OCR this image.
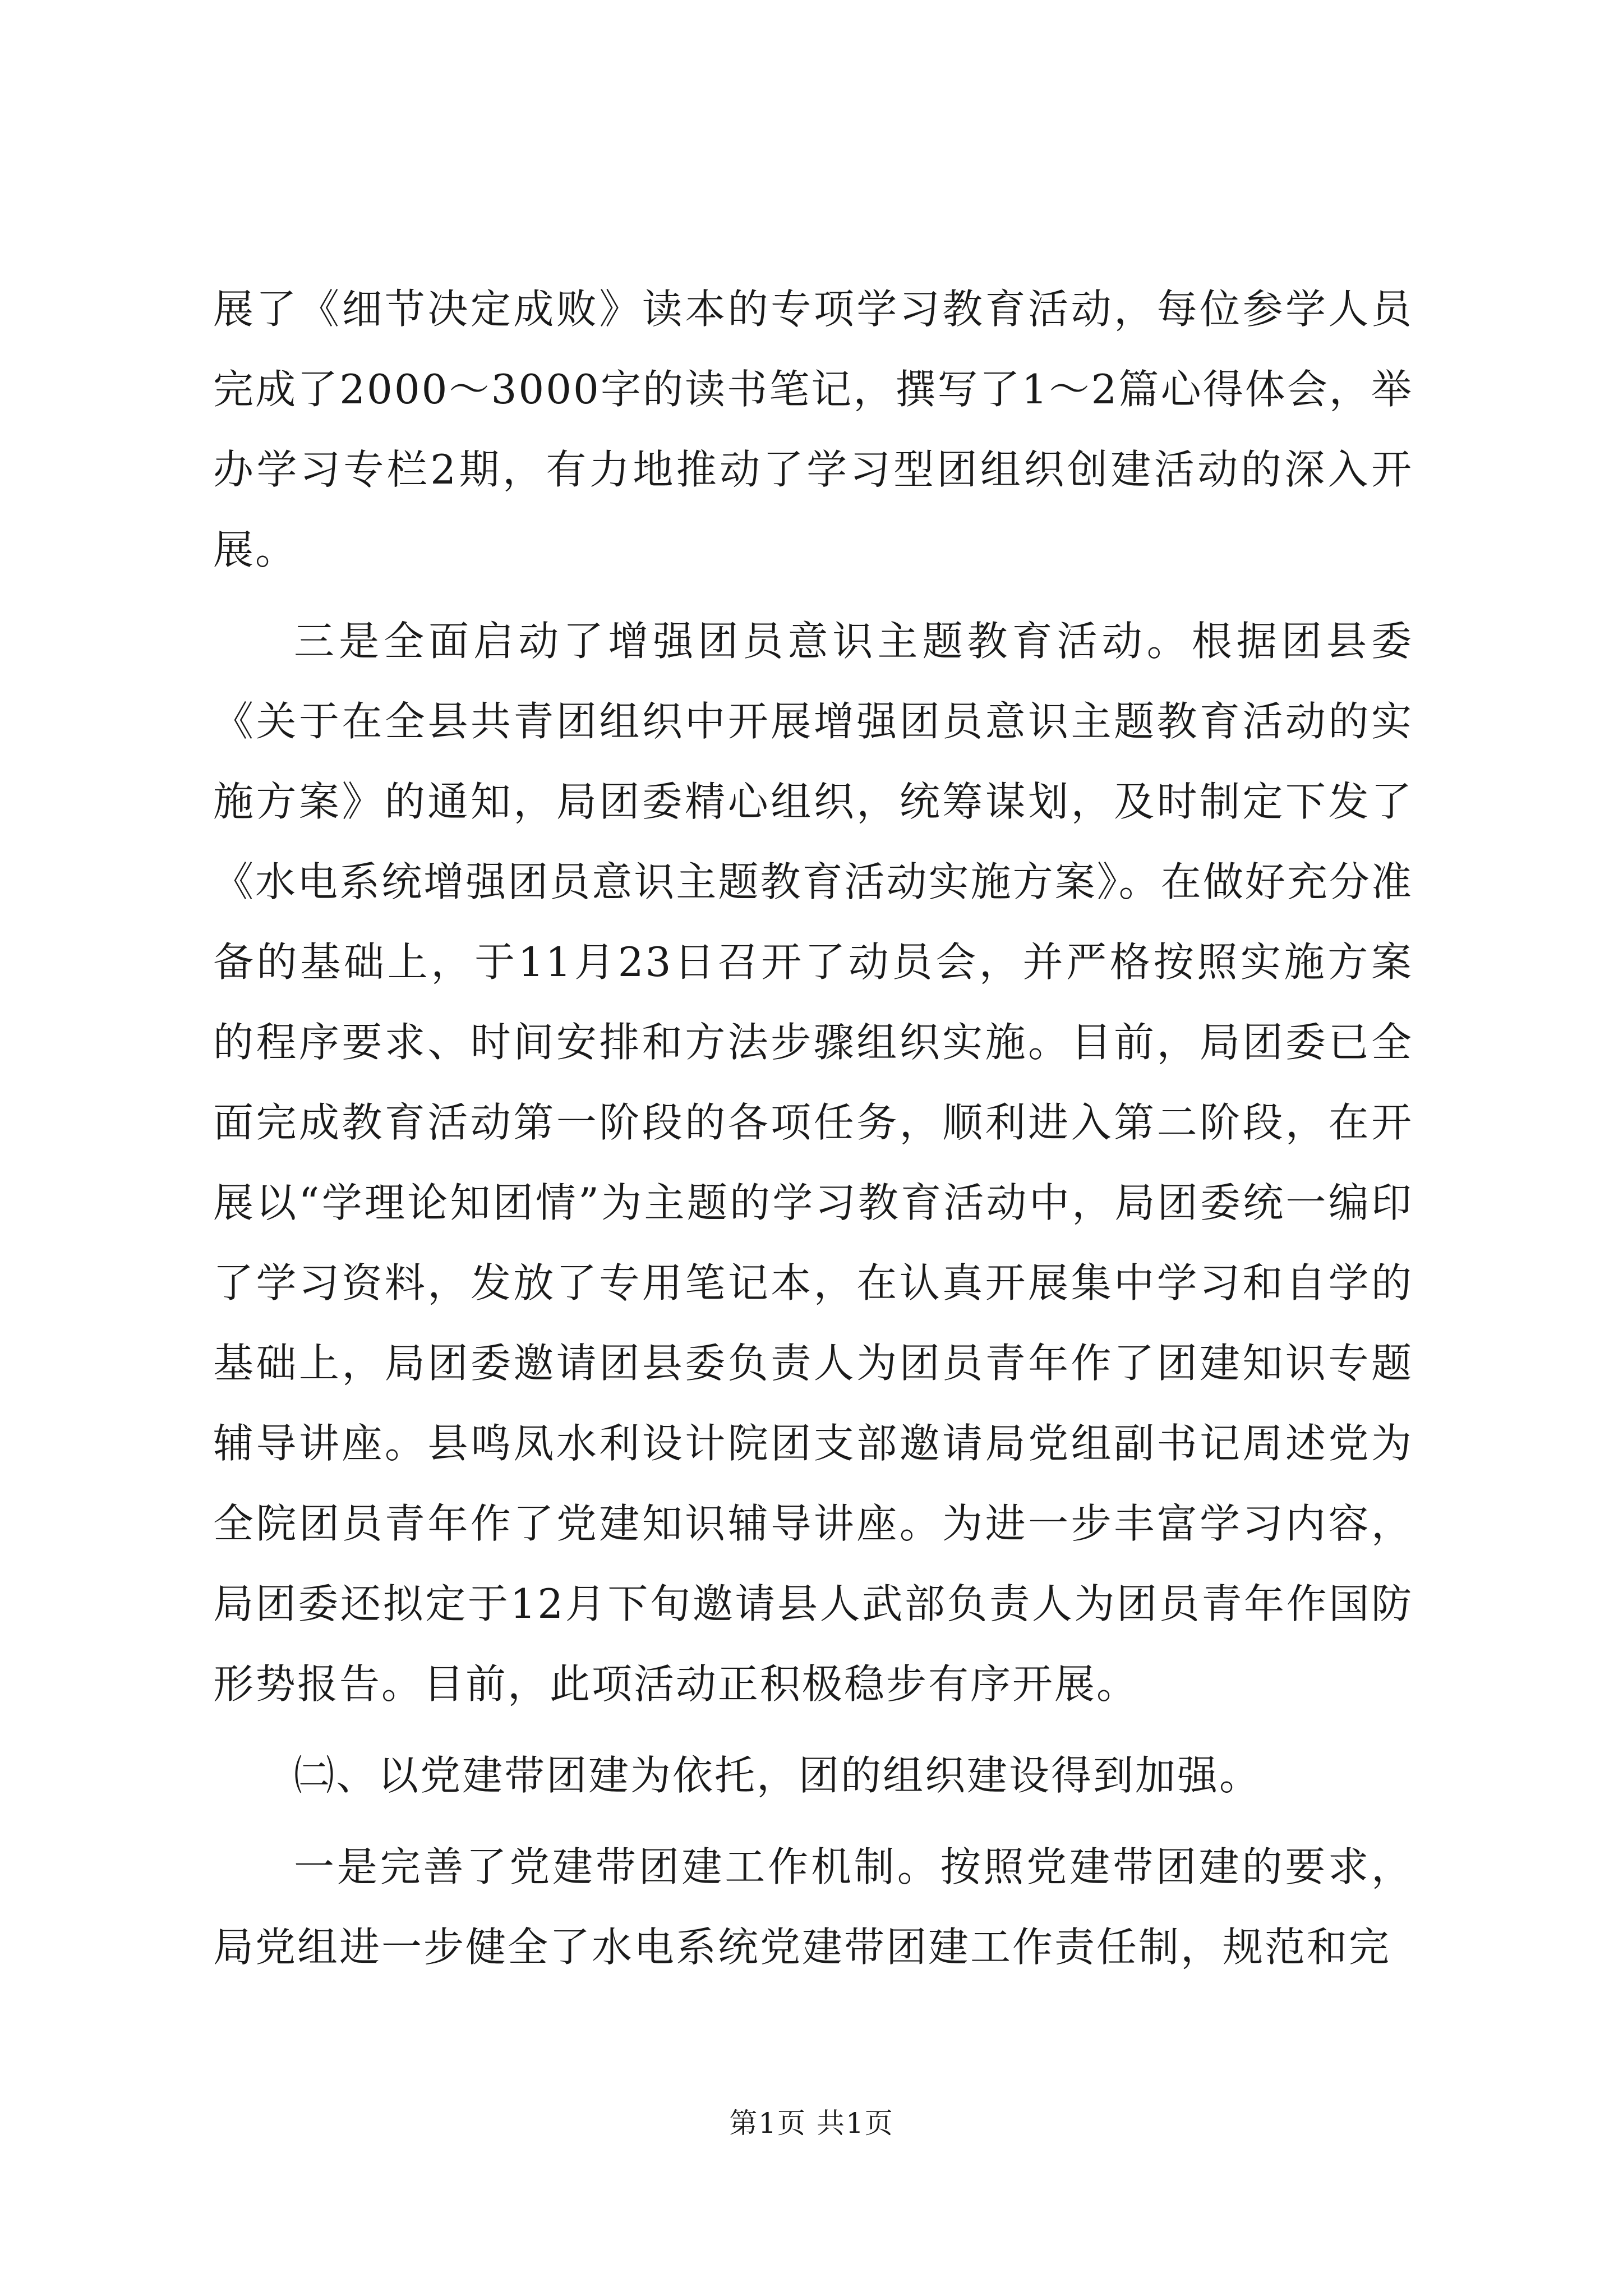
展了《细节决定成败》读本的专项学习教育活动，每位参学人员完成了2000～3000字的读书笔记，撰写了1～2篇心得体会，举办学习专栏2期，有力地推动了学习型团组织创建活动的深入开展。

三是全面启动了增强团员意识主题教育活动。根据团县委《关于在全县共青团组织中开展增强团员意识主题教育活动的实施方案》的通知，局团委精心组织，统筹谋划，及时制定下发了《水电系统增强团员意识主题教育活动实施方案》。在做好充分准备的基础上，于11月23日召开了动员会，并严格按照实施方案的程序要求、时间安排和方法步骤组织实施。目前，局团委已全面完成教育活动第一阶段的各项任务，顺利进入第二阶段，在开展以“学理论知团情”为主题的学习教育活动中，局团委统一编印了学习资料，发放了专用笔记本，在认真开展集中学习和自学的基础上，局团委邀请团县委负责人为团员青年作了团建知识专题辅导讲座。县鸣凤水利设计院团支部邀请局党组副书记周述党为全院团员青年作了党建知识辅导讲座。为进一步丰富学习内容，局团委还拟定于12月下旬邀请县人武部负责人为团员青年作国防形势报告。目前，此项活动正积极稳步有序开展。

㈡、以党建带团建为依托，团的组织建设得到加强。

一是完善了党建带团建工作机制。按照党建带团建的要求，局党组进一步健全了水电系统党建带团建工作责任制，规范和完

第1页 共1页
